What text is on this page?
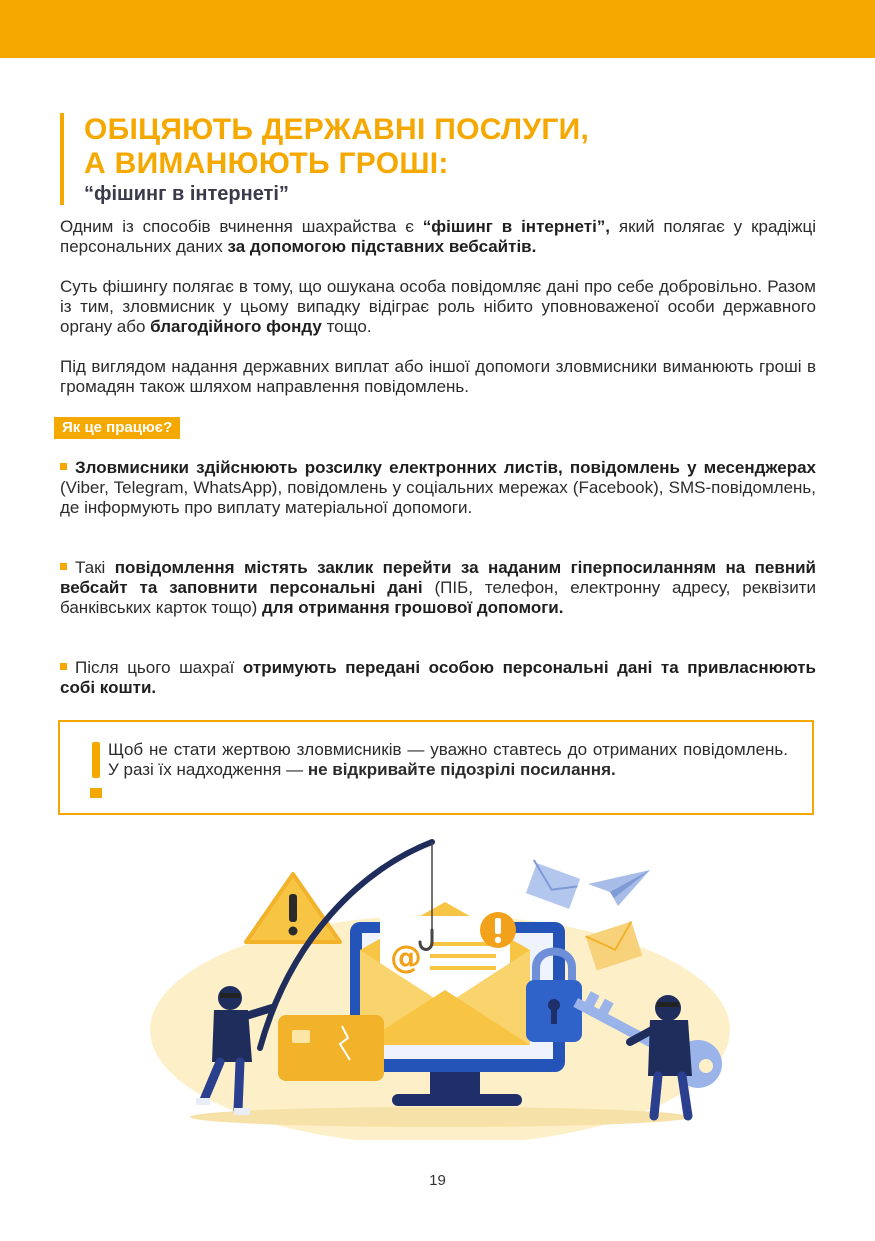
ОБІЦЯЮТЬ ДЕРЖАВНІ ПОСЛУГИ,
А ВИМАНЮЮТЬ ГРОШІ:

“фішинг в інтернеті”

Одним із способів вчинення шахрайства є “фішинг в інтернеті”, який полягає у крадіжці персональних даних за допомогою підставних вебсайтів.

Суть фішингу полягає в тому, що ошукана особа повідомляє дані про себе добровільно. Разом із тим, зловмисник у цьому випадку відіграє роль нібито уповноваженої особи державного органу або благодійного фонду тощо.

Під виглядом надання державних виплат або іншої допомоги зловмисники виманюють гроші в громадян також шляхом направлення повідомлень.

Як це працює?

Зловмисники здійснюють розсилку електронних листів, повідомлень у месенджерах (Viber, Telegram, WhatsApp), повідомлень у соціальних мережах (Facebook), SMS-повідомлень, де інформують про виплату матеріальної допомоги.

Такі повідомлення містять заклик перейти за наданим гіперпосиланням на певний вебсайт та заповнити персональні дані (ПІБ, телефон, електронну адресу, реквізити банківських карток тощо) для отримання грошової допомоги.

Після цього шахраї отримують передані особою персональні дані та привласнюють собі кошти.

Щоб не стати жертвою зловмисників — уважно ставтесь до отриманих повідомлень. У разі їх надходження — не відкривайте підозрілі посилання.

@
19
